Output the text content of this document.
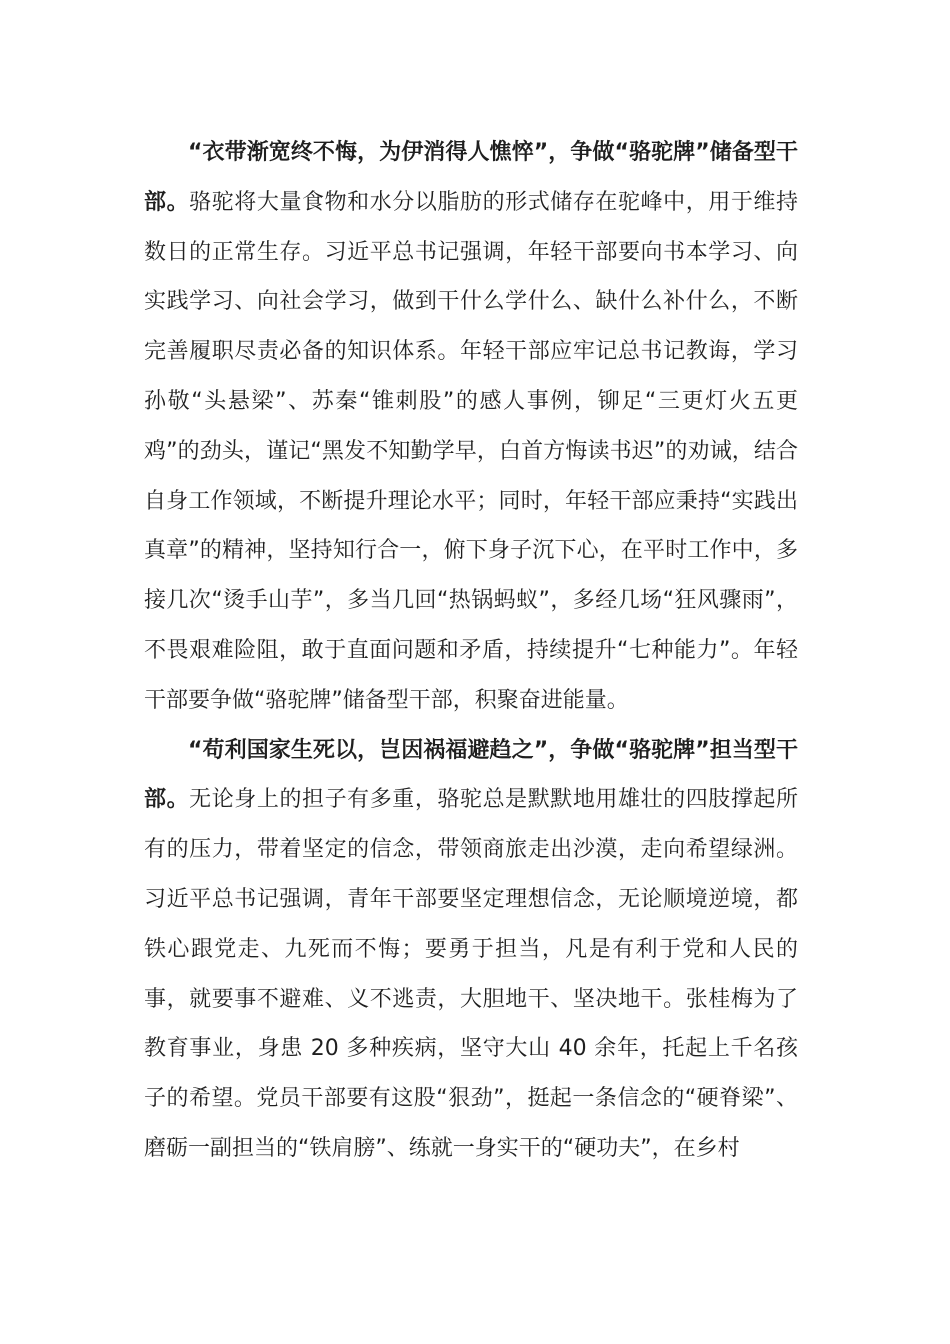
“衣带渐宽终不悔，为伊消得人憔悴”，争做“骆驼牌”储备型干部。骆驼将大量食物和水分以脂肪的形式储存在驼峰中，用于维持数日的正常生存。习近平总书记强调，年轻干部要向书本学习、向实践学习、向社会学习，做到干什么学什么、缺什么补什么，不断完善履职尽责必备的知识体系。年轻干部应牢记总书记教诲，学习孙敬“头悬梁”、苏秦“锥刺股”的感人事例，铆足“三更灯火五更鸡”的劲头，谨记“黑发不知勤学早，白首方悔读书迟”的劝诫，结合自身工作领域，不断提升理论水平；同时，年轻干部应秉持“实践出真章”的精神，坚持知行合一，俯下身子沉下心，在平时工作中，多接几次“烫手山芋”，多当几回“热锅蚂蚁”，多经几场“狂风骤雨”，不畏艰难险阻，敢于直面问题和矛盾，持续提升“七种能力”。年轻干部要争做“骆驼牌”储备型干部，积聚奋进能量。

“苟利国家生死以，岂因祸福避趋之”，争做“骆驼牌”担当型干部。无论身上的担子有多重，骆驼总是默默地用雄壮的四肢撑起所有的压力，带着坚定的信念，带领商旅走出沙漠，走向希望绿洲。习近平总书记强调，青年干部要坚定理想信念，无论顺境逆境，都铁心跟党走、九死而不悔；要勇于担当，凡是有利于党和人民的事，就要事不避难、义不逃责，大胆地干、坚决地干。张桂梅为了教育事业，身患 20 多种疾病，坚守大山 40 余年，托起上千名孩子的希望。党员干部要有这股“狠劲”，挺起一条信念的“硬脊梁”、磨砺一副担当的“铁肩膀”、练就一身实干的“硬功夫”，在乡村
